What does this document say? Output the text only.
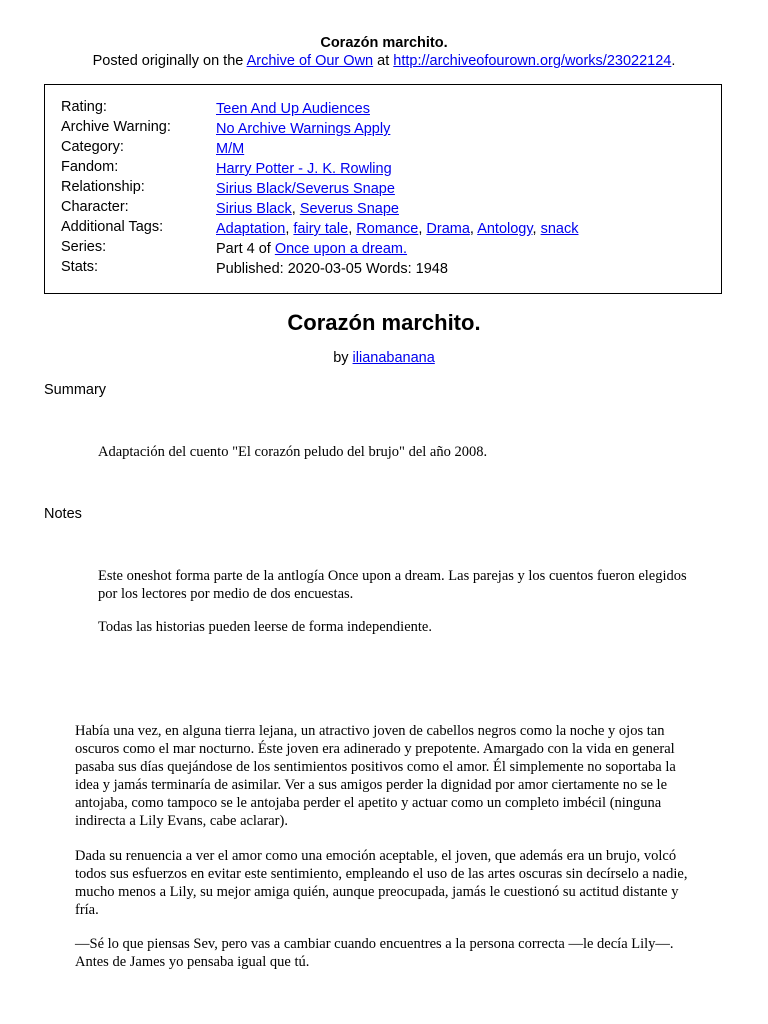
Corazón marchito.
Posted originally on the Archive of Our Own at http://archiveofourown.org/works/23022124.
Rating:	Teen And Up Audiences
Archive Warning:	No Archive Warnings Apply
Category:	M/M
Fandom:	Harry Potter - J. K. Rowling
Relationship:	Sirius Black/Severus Snape
Character:	Sirius Black, Severus Snape
Additional Tags:	Adaptation, fairy tale, Romance, Drama, Antology, snack
Series:	Part 4 of Once upon a dream.
Stats:	Published: 2020-03-05 Words: 1948
Corazón marchito.
by ilianabanana
Summary
Adaptación del cuento "El corazón peludo del brujo" del año 2008.
Notes
Este oneshot forma parte de la antlogía Once upon a dream. Las parejas y los cuentos fueron elegidos por los lectores por medio de dos encuestas.
Todas las historias pueden leerse de forma independiente.
Había una vez, en alguna tierra lejana, un atractivo joven de cabellos negros como la noche y ojos tan oscuros como el mar nocturno. Éste joven era adinerado y prepotente. Amargado con la vida en general pasaba sus días quejándose de los sentimientos positivos como el amor. Él simplemente no soportaba la idea y jamás terminaría de asimilar. Ver a sus amigos perder la dignidad por amor ciertamente no se le antojaba, como tampoco se le antojaba perder el apetito y actuar como un completo imbécil (ninguna indirecta a Lily Evans, cabe aclarar).
Dada su renuencia a ver el amor como una emoción aceptable, el joven, que además era un brujo, volcó todos sus esfuerzos en evitar este sentimiento, empleando el uso de las artes oscuras sin decírselo a nadie, mucho menos a Lily, su mejor amiga quién, aunque preocupada, jamás le cuestionó su actitud distante y fría.
—Sé lo que piensas Sev, pero vas a cambiar cuando encuentres a la persona correcta —le decía Lily—. Antes de James yo pensaba igual que tú.
